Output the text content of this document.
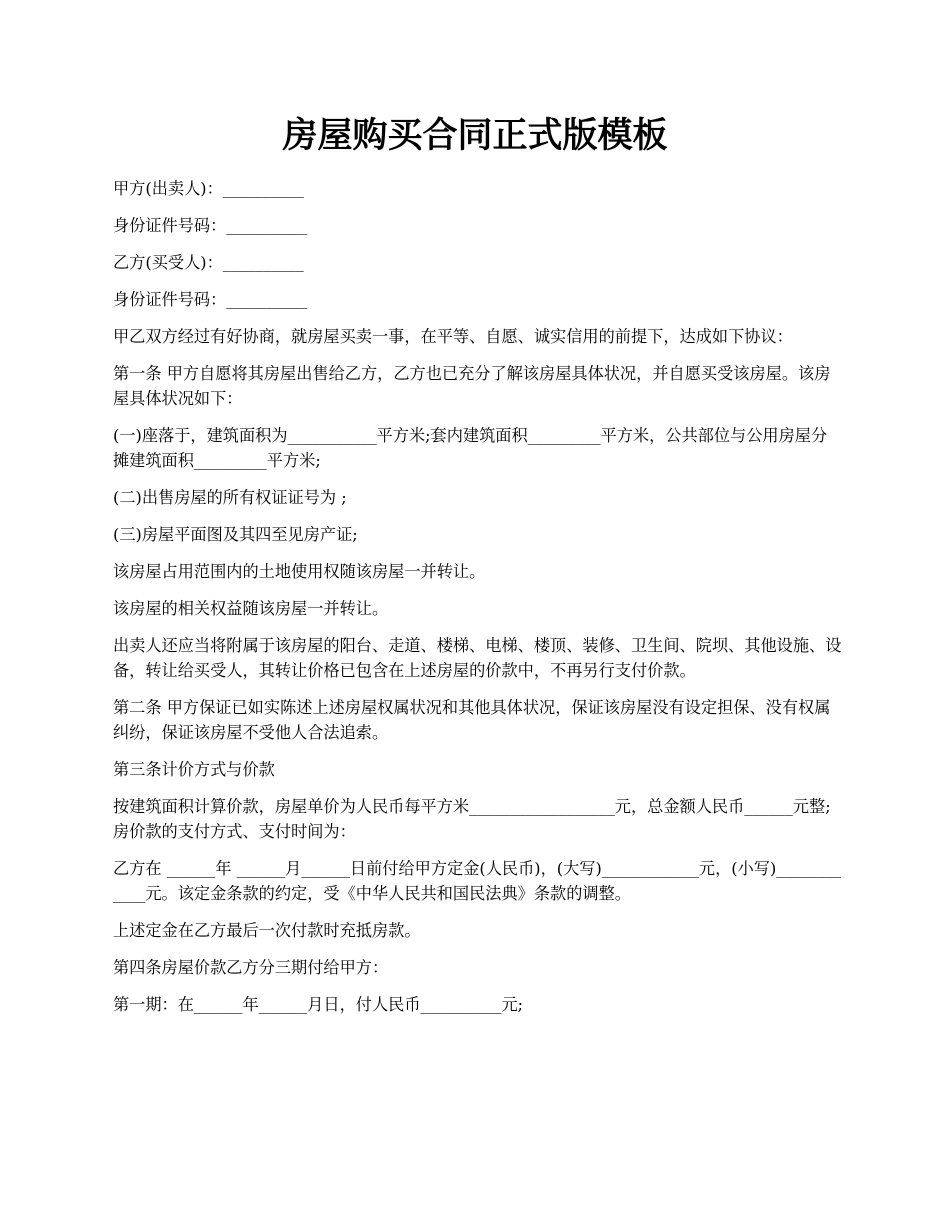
房屋购买合同正式版模板

甲方(出卖人)：__________

身份证件号码：__________

乙方(买受人)：__________

身份证件号码：__________

甲乙双方经过有好协商，就房屋买卖一事，在平等、自愿、诚实信用的前提下，达成如下协议：

第一条 甲方自愿将其房屋出售给乙方，乙方也已充分了解该房屋具体状况，并自愿买受该房屋。该房屋具体状况如下：

(一)座落于，建筑面积为___________平方米;套内建筑面积_________平方米，公共部位与公用房屋分摊建筑面积_________平方米;

(二)出售房屋的所有权证证号为 ;

(三)房屋平面图及其四至见房产证;

该房屋占用范围内的土地使用权随该房屋一并转让。

该房屋的相关权益随该房屋一并转让。

出卖人还应当将附属于该房屋的阳台、走道、楼梯、电梯、楼顶、装修、卫生间、院坝、其他设施、设备，转让给买受人，其转让价格已包含在上述房屋的价款中，不再另行支付价款。

第二条 甲方保证已如实陈述上述房屋权属状况和其他具体状况，保证该房屋没有设定担保、没有权属纠纷，保证该房屋不受他人合法追索。

第三条计价方式与价款

按建筑面积计算价款，房屋单价为人民币每平方米__________________元，总金额人民币______元整;房价款的支付方式、支付时间为：

乙方在 ______年 ______月______日前付给甲方定金(人民币)，(大写)____________元，(小写)____________元。该定金条款的约定，受《中华人民共和国民法典》条款的调整。

上述定金在乙方最后一次付款时充抵房款。

第四条房屋价款乙方分三期付给甲方：

第一期：在______年______月日，付人民币__________元;
